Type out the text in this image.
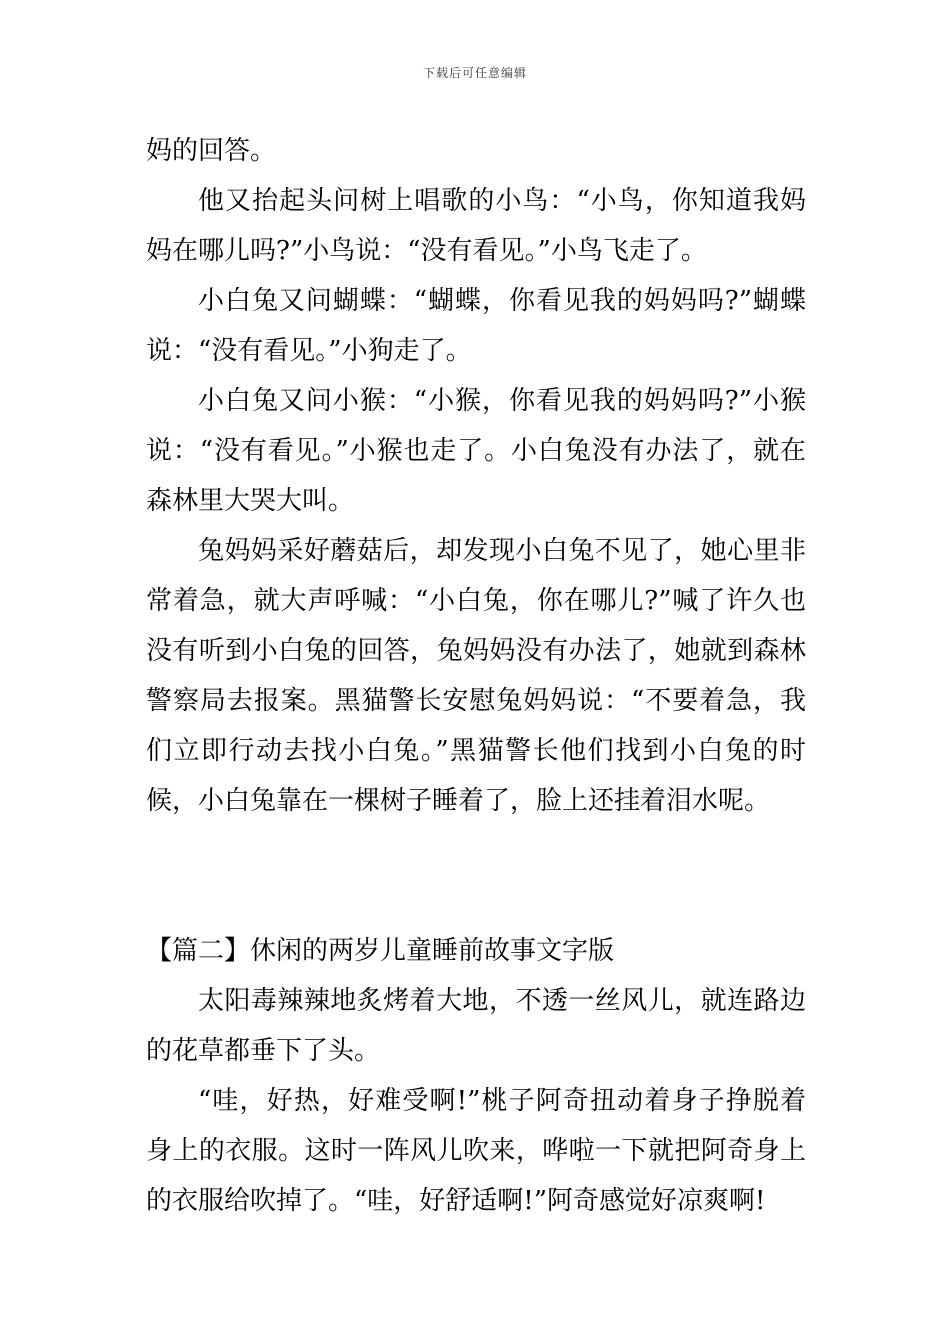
下载后可任意编辑

妈的回答。

他又抬起头问树上唱歌的小鸟：“小鸟，你知道我妈妈在哪儿吗?”小鸟说：“没有看见。”小鸟飞走了。

小白兔又问蝴蝶：“蝴蝶，你看见我的妈妈吗?”蝴蝶说：“没有看见。”小狗走了。

小白兔又问小猴：“小猴，你看见我的妈妈吗?”小猴说：“没有看见。”小猴也走了。小白兔没有办法了，就在森林里大哭大叫。

兔妈妈采好蘑菇后，却发现小白兔不见了，她心里非常着急，就大声呼喊：“小白兔，你在哪儿?”喊了许久也没有听到小白兔的回答，兔妈妈没有办法了，她就到森林警察局去报案。黑猫警长安慰兔妈妈说：“不要着急，我们立即行动去找小白兔。”黑猫警长他们找到小白兔的时候，小白兔靠在一棵树子睡着了，脸上还挂着泪水呢。

【篇二】休闲的两岁儿童睡前故事文字版

太阳毒辣辣地炙烤着大地，不透一丝风儿，就连路边的花草都垂下了头。

“哇，好热，好难受啊!”桃子阿奇扭动着身子挣脱着身上的衣服。这时一阵风儿吹来，哗啦一下就把阿奇身上的衣服给吹掉了。“哇，好舒适啊!”阿奇感觉好凉爽啊!
